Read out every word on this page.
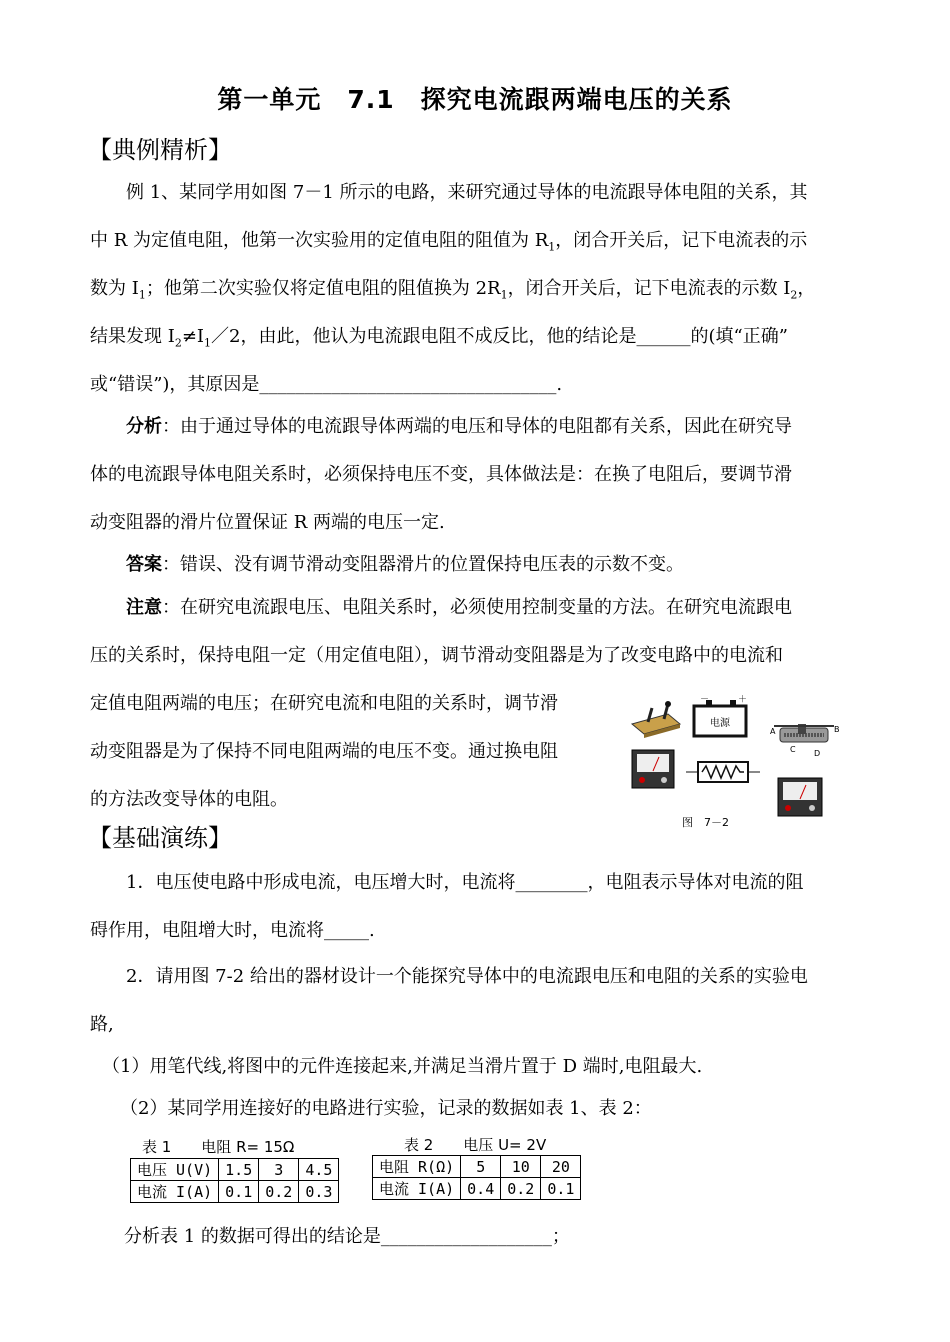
第一单元　7.1　探究电流跟两端电压的关系
【典例精析】
例 1、某同学用如图 7－1 所示的电路，来研究通过导体的电流跟导体电阻的关系，其
中 R 为定值电阻，他第一次实验用的定值电阻的阻值为 $R_1$，闭合开关后，记下电流表的示
数为 $I_1$；他第二次实验仅将定值电阻的阻值换为 $2R_1$，闭合开关后，记下电流表的示数 $I_2$，
结果发现 $I_2\ne I_1/2$，由此，他认为电流跟电阻不成反比，他的结论是______的(填“正确”
或“错误”)，其原因是_________________________________.
分析：由于通过导体的电流跟导体两端的电压和导体的电阻都有关系，因此在研究导
体的电流跟导体电阻关系时，必须保持电压不变，具体做法是：在换了电阻后，要调节滑
动变阻器的滑片位置保证 R 两端的电压一定.
答案：错误、没有调节滑动变阻器滑片的位置保持电压表的示数不变。
注意：在研究电流跟电压、电阻关系时，必须使用控制变量的方法。在研究电流跟电
压的关系时，保持电阻一定（用定值电阻），调节滑动变阻器是为了改变电路中的电流和
定值电阻两端的电压；在研究电流和电阻的关系时，调节滑
动变阻器是为了保持不同电阻两端的电压不变。通过换电阻
的方法改变导体的电阻。
电源
－	＋
A	B
C D
图　7－2
【基础演练】
1．电压使电路中形成电流，电压增大时，电流将________，电阻表示导体对电流的阻
碍作用，电阻增大时，电流将_____.
2．请用图 7-2 给出的器材设计一个能探究导体中的电流跟电压和电阻的关系的实验电
路,
（1）用笔代线,将图中的元件连接起来,并满足当滑片置于 D 端时,电阻最大.
（2）某同学用连接好的电路进行实验，记录的数据如表 1、表 2：
表 1　　电阻 R= 15Ω
电压 U(V)	1.5	3	4.5
电流 I(A)	0.1	0.2	0.3
表 2　　电压 U= 2V
电阻 R(Ω)	5	10	20
电流 I(A)	0.4	0.2	0.1
分析表 1 的数据可得出的结论是___________________；
